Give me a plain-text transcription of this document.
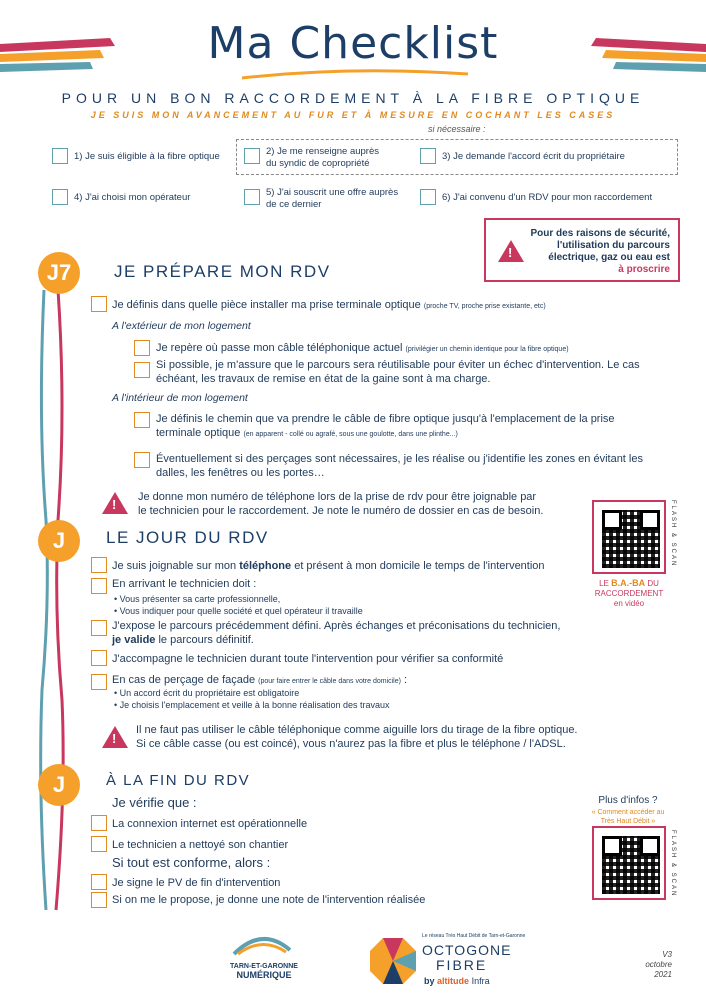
Ma Checklist
POUR UN BON RACCORDEMENT À LA FIBRE OPTIQUE
JE SUIS MON AVANCEMENT AU FUR ET À MESURE EN COCHANT LES CASES
si nécessaire :
1) Je suis éligible à la fibre optique	2) Je me renseigne auprès
du syndic de copropriété
3) Je demande l'accord écrit du propriétaire
4) J'ai choisi mon opérateur	5) J'ai souscrit une offre auprès
de ce dernier
6) J'ai convenu d'un RDV pour mon raccordement
!
Pour des raisons de sécurité,
l'utilisation du parcours
électrique, gaz ou eau est
à proscrire
J7	JE PRÉPARE MON RDV
Je définis dans quelle pièce installer ma prise terminale optique (proche TV, proche prise existante, etc)
A l'extérieur de mon logement
Je repère où passe mon câble téléphonique actuel (privilégier un chemin identique pour la fibre optique)
Si possible, je m'assure que le parcours sera réutilisable pour éviter un échec d'intervention. Le cas
échéant, les travaux de remise en état de la gaine sont à ma charge.
A l'intérieur de mon logement
Je définis le chemin que va prendre le câble de fibre optique jusqu'à l'emplacement de la prise
terminale optique (en apparent - collé ou agrafé, sous une goulotte, dans une plinthe...)
Éventuellement si des perçages sont nécessaires, je les réalise ou j'identifie les zones en évitant les
dalles, les fenêtres ou les portes…
!
Je donne mon numéro de téléphone lors de la prise de rdv pour être joignable par
le technicien pour le raccordement. Je note le numéro de dossier en cas de besoin.	FLASH & SCAN
LE B.A.-BA DU
RACCORDEMENT
en vidéo
J	LE JOUR DU RDV
Je suis joignable sur mon téléphone et présent à mon domicile le temps de l'intervention
En arrivant le technicien doit :
• Vous présenter sa carte professionnelle,
• Vous indiquer pour quelle société et quel opérateur il travaille
J'expose le parcours précédemment défini. Après échanges et préconisations du technicien,
je valide le parcours définitif.
J'accompagne le technicien durant toute l'intervention pour vérifier sa conformité
En cas de perçage de façade (pour faire entrer le câble dans votre domicile) :
• Un accord écrit du propriétaire est obligatoire
• Je choisis l'emplacement et veille à la bonne réalisation des travaux
!
Il ne faut pas utiliser le câble téléphonique comme aiguille lors du tirage de la fibre optique.
Si ce câble casse (ou est coincé), vous n'aurez pas la fibre et plus le téléphone / l'ADSL.
J	À LA FIN DU RDV
Je vérifie que :
La connexion internet est opérationnelle
Le technicien a nettoyé son chantier
Si tout est conforme, alors :
Je signe le PV de fin d'intervention
Si on me le propose, je donne une note de l'intervention réalisée
Plus d'infos ?
« Comment accéder au
Très Haut Débit »
FLASH & SCAN
TARN-ET-GARONNE
NUMÉRIQUE
Le réseau Très Haut Débit de Tarn-et-Garonne
OCTOGONE
FIBRE
by altitude Infra
V3
octobre 2021
